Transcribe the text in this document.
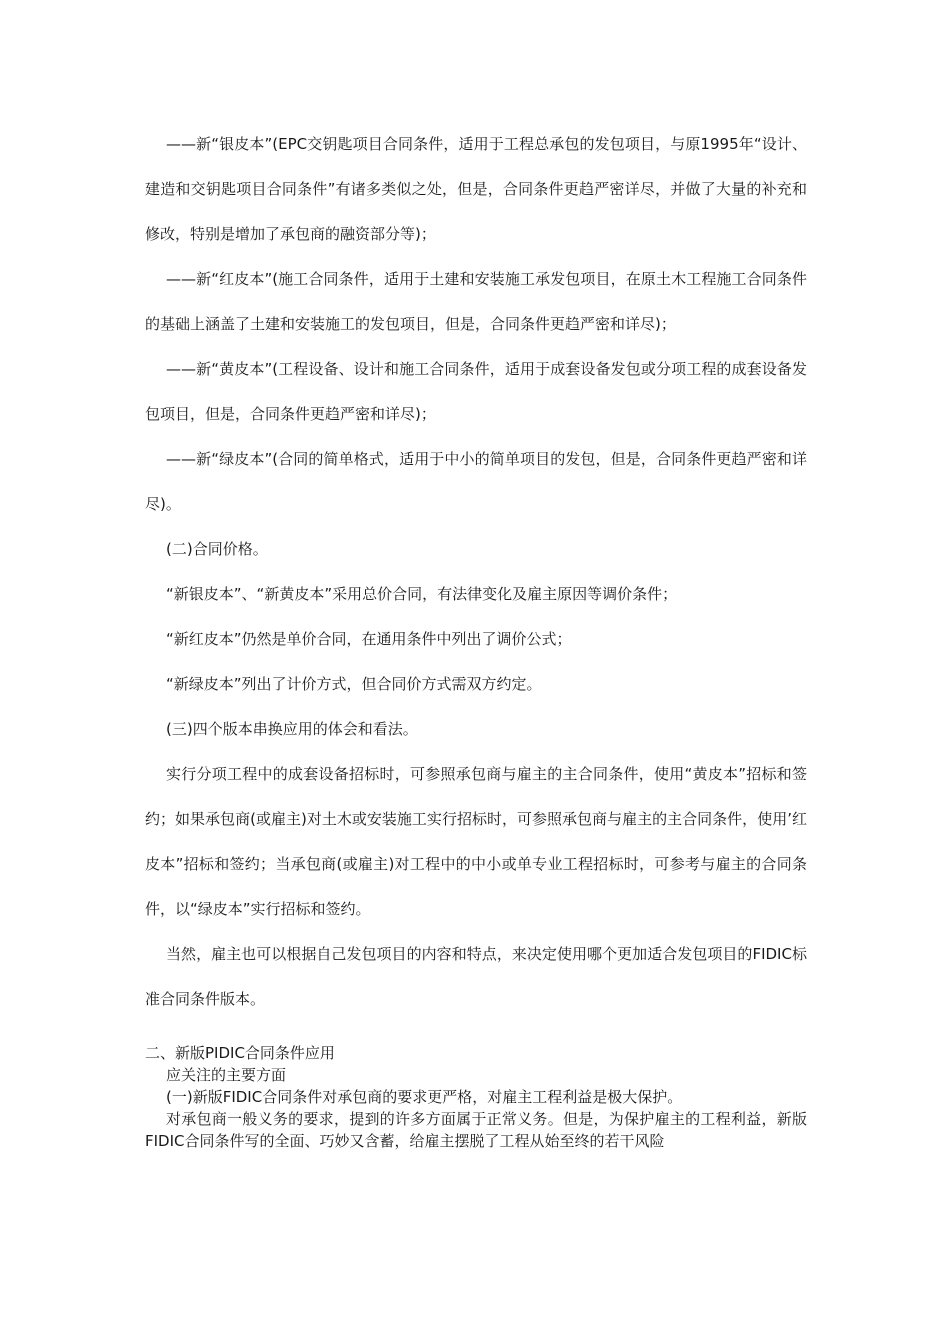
——新“银皮本”(EPC交钥匙项目合同条件，适用于工程总承包的发包项目，与原1995年“设计、建造和交钥匙项目合同条件”有诸多类似之处，但是，合同条件更趋严密详尽，并做了大量的补充和修改，特别是增加了承包商的融资部分等)；

——新“红皮本”(施工合同条件，适用于土建和安装施工承发包项目，在原土木工程施工合同条件的基础上涵盖了土建和安装施工的发包项目，但是，合同条件更趋严密和详尽)；

——新“黄皮本”(工程设备、设计和施工合同条件，适用于成套设备发包或分项工程的成套设备发包项目，但是，合同条件更趋严密和详尽)；

——新“绿皮本”(合同的简单格式，适用于中小的简单项目的发包，但是，合同条件更趋严密和详尽)。

(二)合同价格。

“新银皮本”、“新黄皮本”采用总价合同，有法律变化及雇主原因等调价条件；

“新红皮本”仍然是单价合同，在通用条件中列出了调价公式；

“新绿皮本”列出了计价方式，但合同价方式需双方约定。

(三)四个版本串换应用的体会和看法。

实行分项工程中的成套设备招标时，可参照承包商与雇主的主合同条件，使用“黄皮本”招标和签约；如果承包商(或雇主)对土木或安装施工实行招标时，可参照承包商与雇主的主合同条件，使用’红皮本”招标和签约；当承包商(或雇主)对工程中的中小或单专业工程招标时，可参考与雇主的合同条件，以“绿皮本”实行招标和签约。

当然，雇主也可以根据自己发包项目的内容和特点，来决定使用哪个更加适合发包项目的FIDIC标准合同条件版本。

二、新版PIDIC合同条件应用

应关注的主要方面

(一)新版FIDIC合同条件对承包商的要求更严格，对雇主工程利益是极大保护。

对承包商一般义务的要求，提到的许多方面属于正常义务。但是，为保护雇主的工程利益，新版FIDIC合同条件写的全面、巧妙又含蓄，给雇主摆脱了工程从始至终的若干风险
